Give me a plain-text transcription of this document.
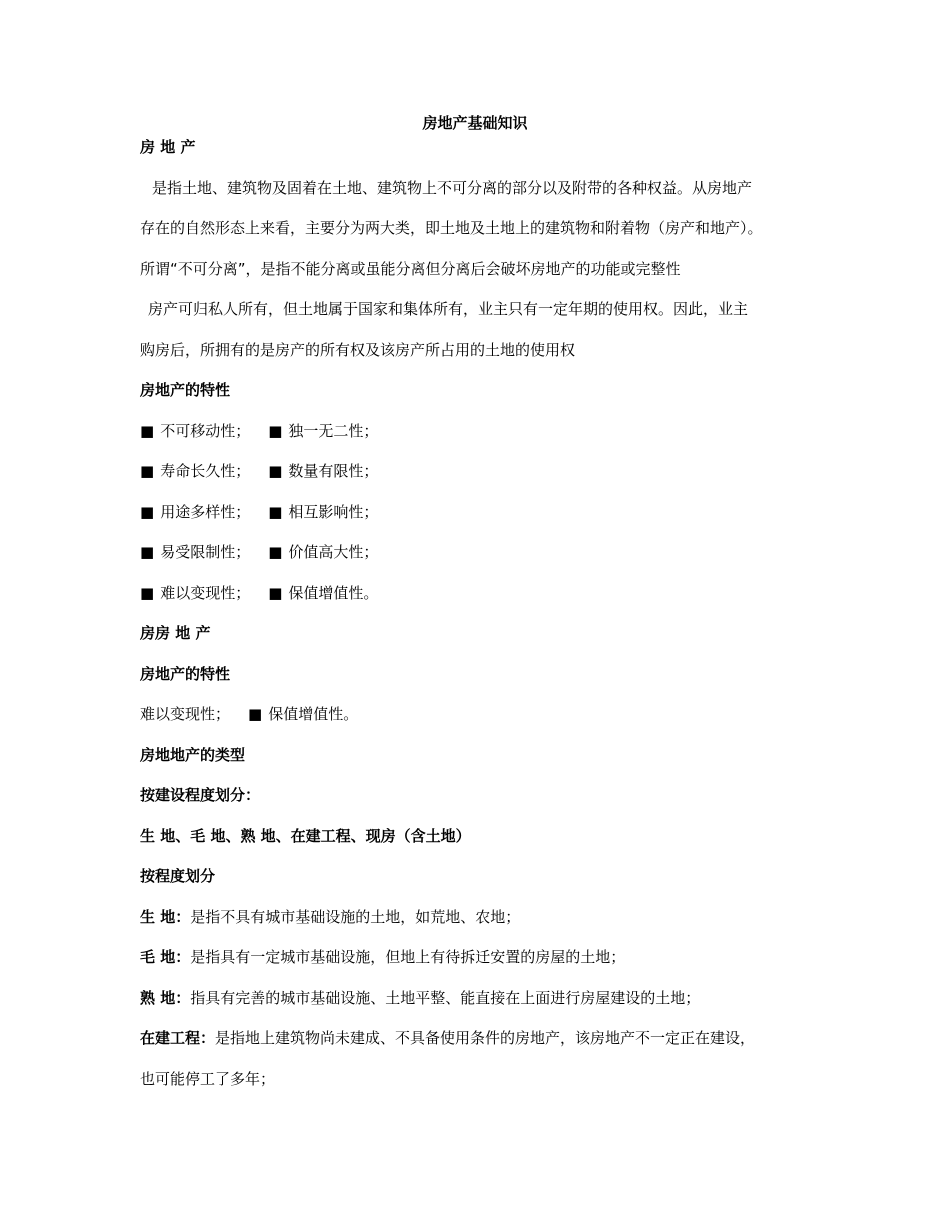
房地产基础知识
房 地 产
是指土地、建筑物及固着在土地、建筑物上不可分离的部分以及附带的各种权益。从房地产
存在的自然形态上来看，主要分为两大类，即土地及土地上的建筑物和附着物（房产和地产）。
所谓“不可分离”，是指不能分离或虽能分离但分离后会破坏房地产的功能或完整性
房产可归私人所有，但土地属于国家和集体所有，业主只有一定年期的使用权。因此，业主
购房后，所拥有的是房产的所有权及该房产所占用的土地的使用权
房地产的特性
■ 不可移动性； ■ 独一无二性；
■ 寿命长久性； ■ 数量有限性；
■ 用途多样性； ■ 相互影响性；
■ 易受限制性； ■ 价值高大性；
■ 难以变现性； ■ 保值增值性。
房房 地 产
房地产的特性
难以变现性； ■ 保值增值性。
房地地产的类型
按建设程度划分：
生 地、毛 地、熟 地、在建工程、现房（含土地）
按程度划分
生 地：是指不具有城市基础设施的土地，如荒地、农地；
毛 地：是指具有一定城市基础设施，但地上有待拆迁安置的房屋的土地；
熟 地：指具有完善的城市基础设施、土地平整、能直接在上面进行房屋建设的土地；
在建工程：是指地上建筑物尚未建成、不具备使用条件的房地产，该房地产不一定正在建设，
也可能停工了多年；
